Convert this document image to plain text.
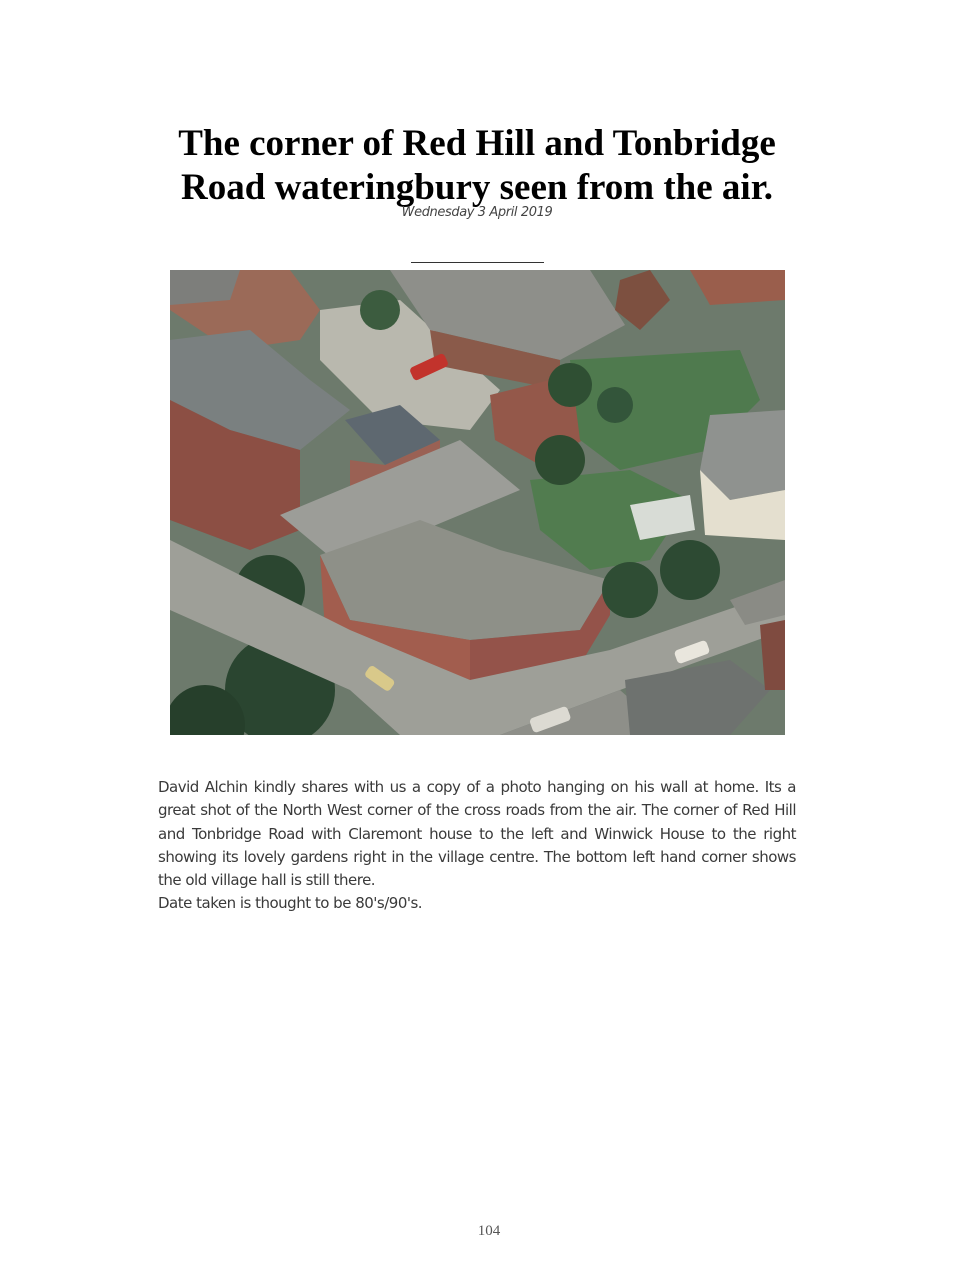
The corner of Red Hill and Tonbridge
Road wateringbury seen from the air.
Wednesday 3 April 2019

David Alchin kindly shares with us a copy of a photo hanging on his wall at home. Its a great shot of the North West corner of the cross roads from the air. The corner of Red Hill and Tonbridge Road with Claremont house to the left and Winwick House to the right showing its lovely gardens right in the village centre. The bottom left hand corner shows the old village hall is still there.

Date taken is thought to be 80's/90's.

104
